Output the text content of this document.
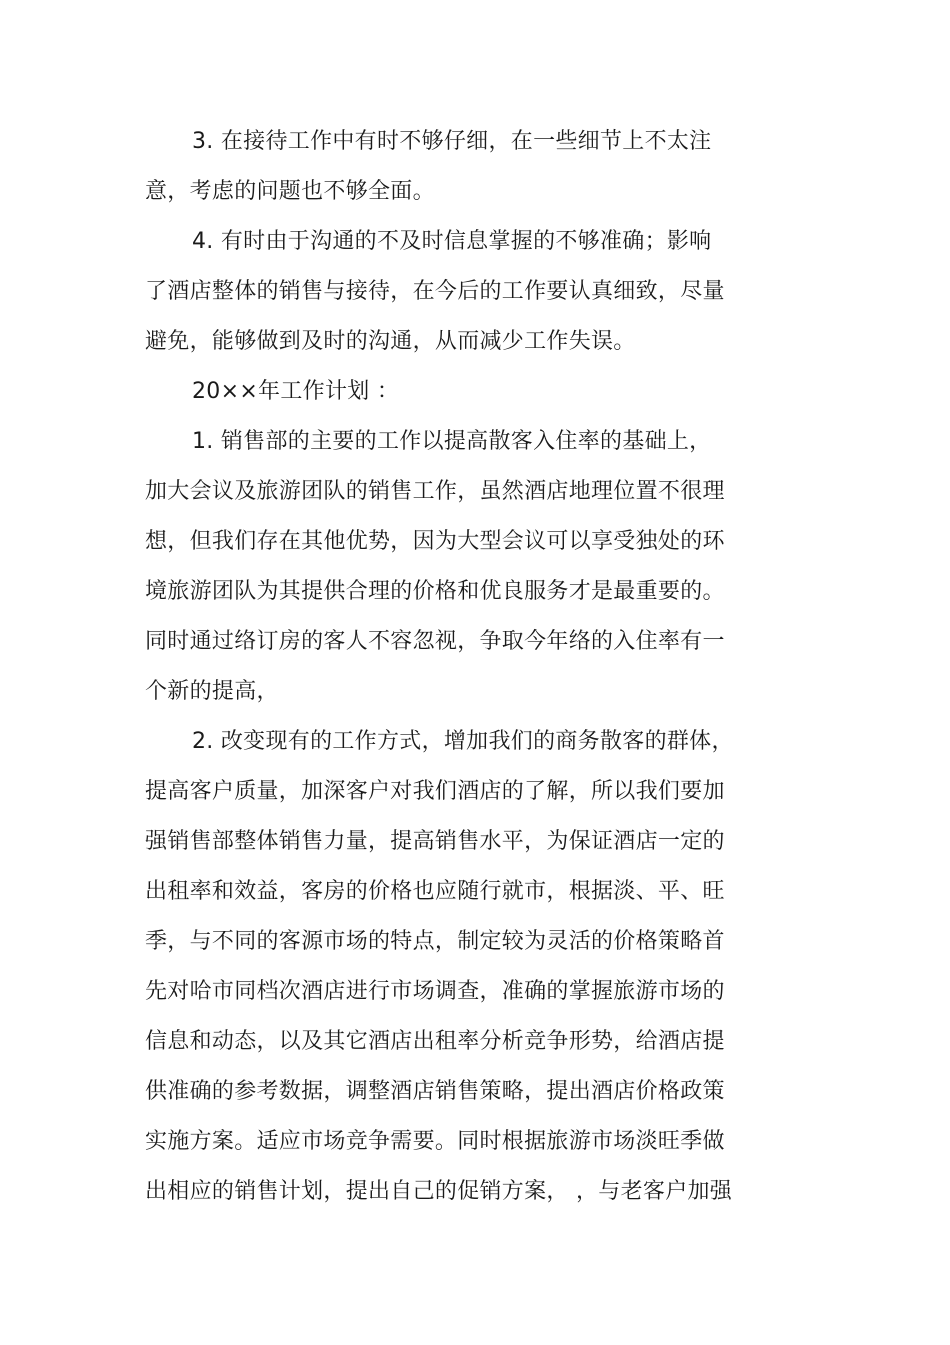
3. 在接待工作中有时不够仔细，在一些细节上不太注
意，考虑的问题也不够全面。
4. 有时由于沟通的不及时信息掌握的不够准确；影响
了酒店整体的销售与接待，在今后的工作要认真细致，尽量
避免，能够做到及时的沟通，从而减少工作失误。
20××年工作计划 ：
1. 销售部的主要的工作以提高散客入住率的基础上，
加大会议及旅游团队的销售工作，虽然酒店地理位置不很理
想，但我们存在其他优势，因为大型会议可以享受独处的环
境旅游团队为其提供合理的价格和优良服务才是最重要的。
同时通过络订房的客人不容忽视，争取今年络的入住率有一
个新的提高，
2. 改变现有的工作方式，增加我们的商务散客的群体，
提高客户质量，加深客户对我们酒店的了解，所以我们要加
强销售部整体销售力量，提高销售水平，为保证酒店一定的
出租率和效益，客房的价格也应随行就市，根据淡、平、旺
季，与不同的客源市场的特点，制定较为灵活的价格策略首
先对哈市同档次酒店进行市场调查，准确的掌握旅游市场的
信息和动态，以及其它酒店出租率分析竞争形势，给酒店提
供准确的参考数据，调整酒店销售策略，提出酒店价格政策
实施方案。适应市场竞争需要。同时根据旅游市场淡旺季做
出相应的销售计划，提出自己的促销方案， ，与老客户加强
